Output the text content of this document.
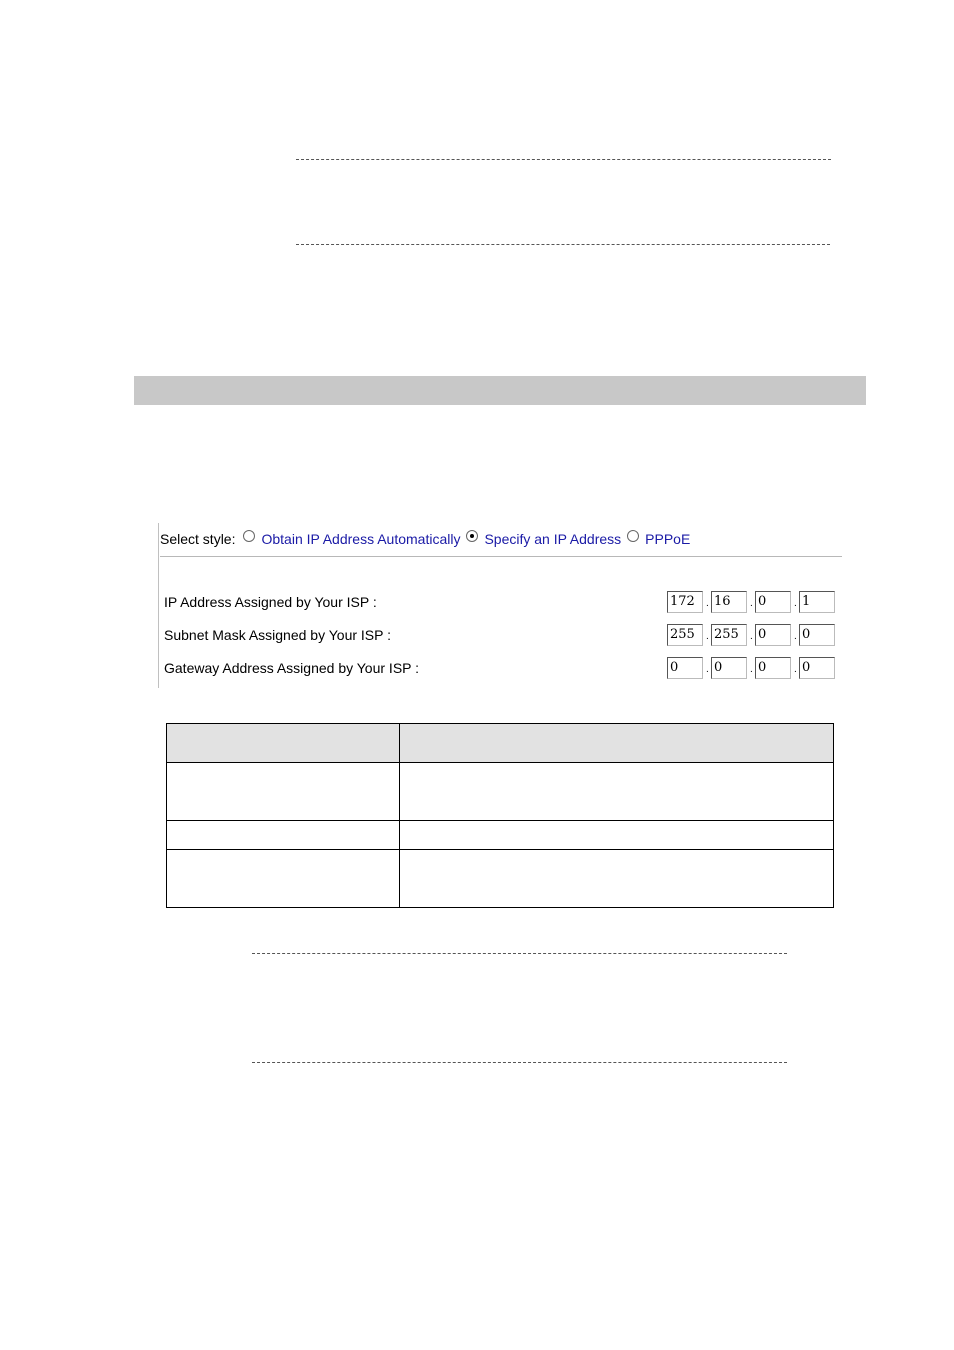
Select style: Obtain IP Address Automatically Specify an IP Address PPPoE
IP Address Assigned by Your ISP :	172	. 16	. 0	. 1
Subnet Mask Assigned by Your ISP :	255	. 255	. 0	. 0
Gateway Address Assigned by Your ISP :	0	. 0	. 0	. 0
